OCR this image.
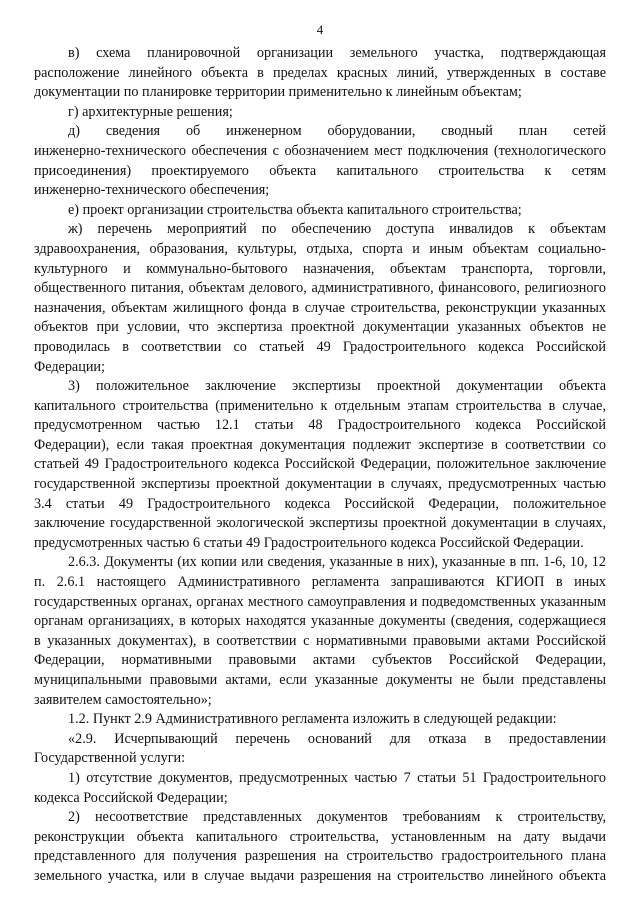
4
в) схема планировочной организации земельного участка, подтверждающая
расположение линейного объекта в пределах красных линий, утвержденных в составе
документации по планировке территории применительно к линейным объектам;
г) архитектурные решения;
д) сведения об инженерном оборудовании, сводный план сетей
инженерно-технического обеспечения с обозначением мест подключения (технологического
присоединения) проектируемого объекта капитального строительства к сетям
инженерно-технического обеспечения;
е) проект организации строительства объекта капитального строительства;
ж) перечень мероприятий по обеспечению доступа инвалидов к объектам
здравоохранения, образования, культуры, отдыха, спорта и иным объектам социально-
культурного и коммунально-бытового назначения, объектам транспорта, торговли,
общественного питания, объектам делового, административного, финансового, религиозного
назначения, объектам жилищного фонда в случае строительства, реконструкции указанных
объектов при условии, что экспертиза проектной документации указанных объектов не
проводилась в соответствии со статьей 49 Градостроительного кодекса Российской
Федерации;
3) положительное заключение экспертизы проектной документации объекта
капитального строительства (применительно к отдельным этапам строительства в случае,
предусмотренном частью 12.1 статьи 48 Градостроительного кодекса Российской
Федерации), если такая проектная документация подлежит экспертизе в соответствии со
статьей 49 Градостроительного кодекса Российской Федерации, положительное заключение
государственной экспертизы проектной документации в случаях, предусмотренных частью
3.4 статьи 49 Градостроительного кодекса Российской Федерации, положительное
заключение государственной экологической экспертизы проектной документации в случаях,
предусмотренных частью 6 статьи 49 Градостроительного кодекса Российской Федерации.
2.6.3. Документы (их копии или сведения, указанные в них), указанные в пп. 1-6, 10, 12
п. 2.6.1 настоящего Административного регламента запрашиваются КГИОП в иных
государственных органах, органах местного самоуправления и подведомственных указанным
органам организациях, в которых находятся указанные документы (сведения, содержащиеся
в указанных документах), в соответствии с нормативными правовыми актами Российской
Федерации, нормативными правовыми актами субъектов Российской Федерации,
муниципальными правовыми актами, если указанные документы не были представлены
заявителем самостоятельно»;
1.2. Пункт 2.9 Административного регламента изложить в следующей редакции:
«2.9. Исчерпывающий перечень оснований для отказа в предоставлении
Государственной услуги:
1) отсутствие документов, предусмотренных частью 7 статьи 51 Градостроительного
кодекса Российской Федерации;
2) несоответствие представленных документов требованиям к строительству,
реконструкции объекта капитального строительства, установленным на дату выдачи
представленного для получения разрешения на строительство градостроительного плана
земельного участка, или в случае выдачи разрешения на строительство линейного объекта
